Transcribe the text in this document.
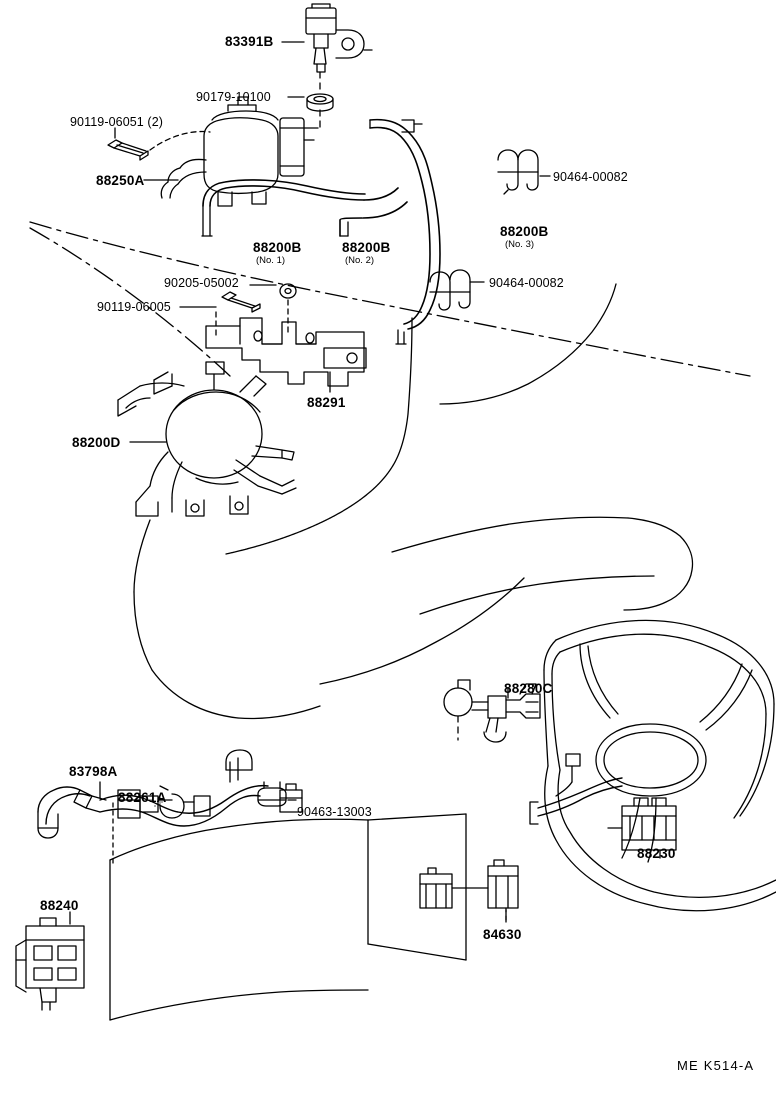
83391B
90179-10100
90119-06051 (2)
88250A	90464-00082
88200B
(No. 3)
88200B
(No. 1)
88200B
(No. 2)
90205-05002	90464-00082
90119-06005
88291
88200D
88280C
83798A
88261A
90463-13003
88230
84630
88240
ME K514-A
